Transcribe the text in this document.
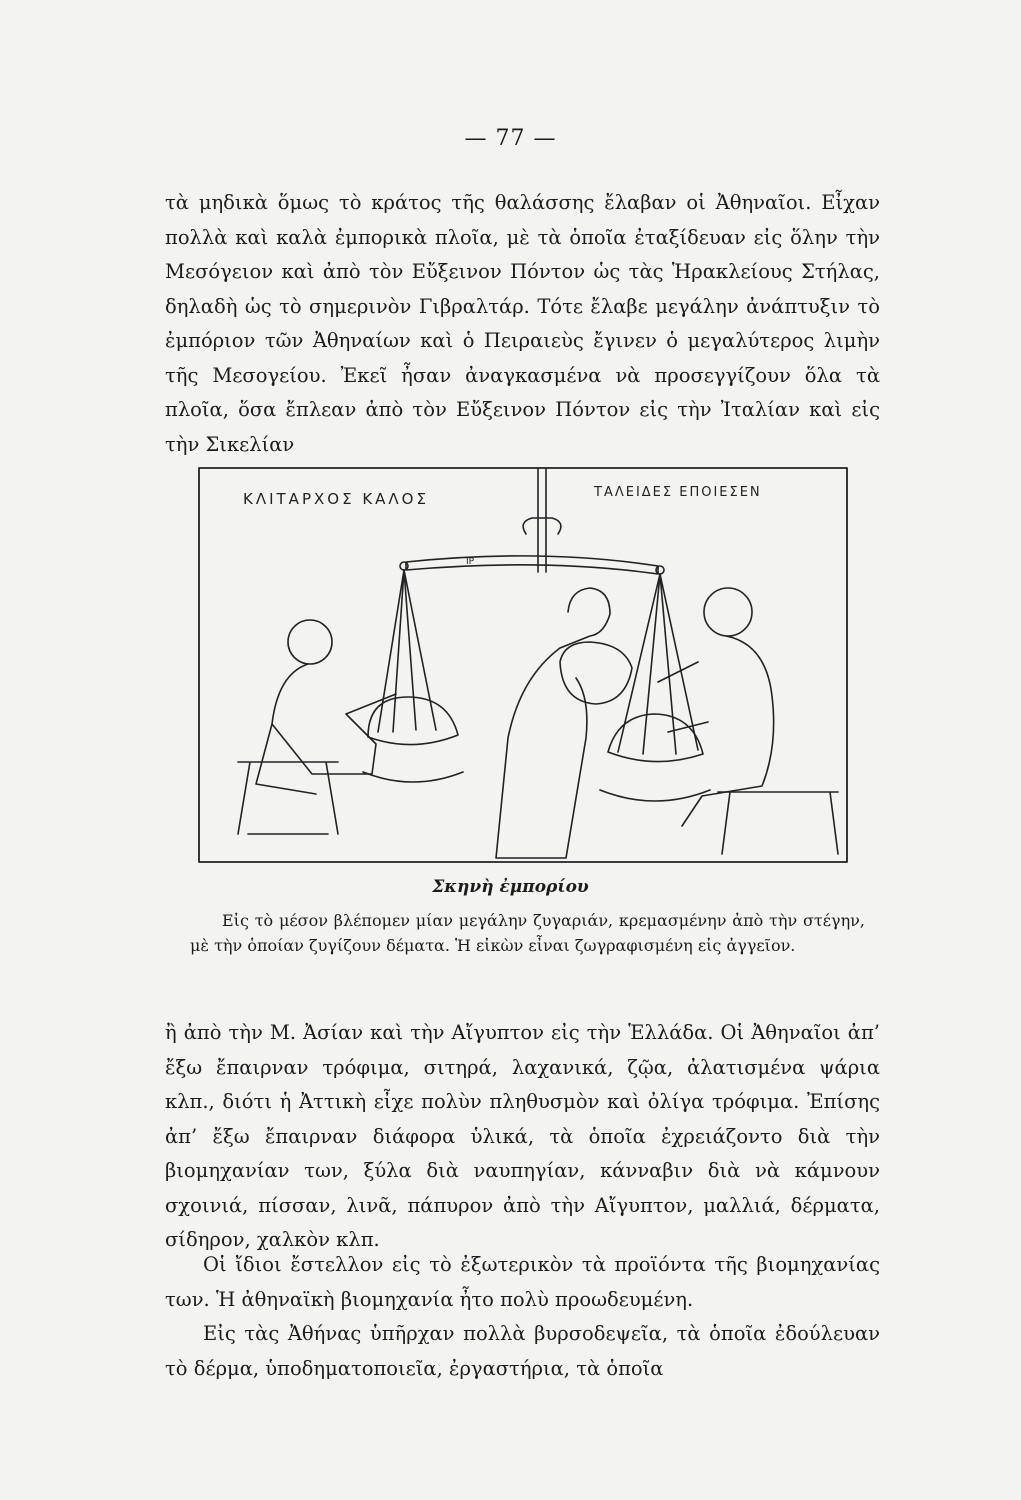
— 77 —

τὰ μηδικὰ ὅμως τὸ κράτος τῆς θαλάσσης ἔλαβαν οἱ Ἀθηναῖοι. Εἶχαν πολλὰ καὶ καλὰ ἐμπορικὰ πλοῖα, μὲ τὰ ὁποῖα ἐταξίδευαν εἰς ὅλην τὴν Μεσόγειον καὶ ἀπὸ τὸν Εὔξεινον Πόντον ὡς τὰς Ἡρακλείους Στήλας, δηλαδὴ ὡς τὸ σημερινὸν Γιβραλτάρ. Τότε ἔλαβε μεγάλην ἀνάπτυξιν τὸ ἐμπόριον τῶν Ἀθηναίων καὶ ὁ Πειραιεὺς ἔγινεν ὁ μεγαλύτερος λιμὴν τῆς Μεσογείου. Ἐκεῖ ἦσαν ἀναγκασμένα νὰ προσεγγίζουν ὅλα τὰ πλοῖα, ὅσα ἔπλεαν ἀπὸ τὸν Εὔξεινον Πόντον εἰς τὴν Ἰταλίαν καὶ εἰς τὴν Σικελίαν

ΚΛΙΤΑΡΧΟΣ ΚΑΛΟΣ	ΤΑΛΕΙΔΕΣ ΕΠΟΙΕΣΕΝ
ΙΡ
Σκηνὴ ἐμπορίου

Εἰς τὸ μέσον βλέπομεν μίαν μεγάλην ζυγαριάν, κρεμασμένην ἀπὸ τὴν στέγην, μὲ τὴν ὁποίαν ζυγίζουν δέματα. Ἡ εἰκὼν εἶναι ζωγραφισμένη εἰς ἀγγεῖον.

ἢ ἀπὸ τὴν Μ. Ἀσίαν καὶ τὴν Αἴγυπτον εἰς τὴν Ἑλλάδα. Οἱ Ἀθηναῖοι ἀπ’ ἔξω ἔπαιρναν τρόφιμα, σιτηρά, λαχανικά, ζῷα, ἀλατισμένα ψάρια κλπ., διότι ἡ Ἀττικὴ εἶχε πολὺν πληθυσμὸν καὶ ὀλίγα τρόφιμα. Ἐπίσης ἀπ’ ἔξω ἔπαιρναν διάφορα ὑλικά, τὰ ὁποῖα ἐχρειάζοντο διὰ τὴν βιομηχανίαν των, ξύλα διὰ ναυπηγίαν, κάνναβιν διὰ νὰ κάμνουν σχοινιά, πίσσαν, λινᾶ, πάπυρον ἀπὸ τὴν Αἴγυπτον, μαλλιά, δέρματα, σίδηρον, χαλκὸν κλπ.

Οἱ ἴδιοι ἔστελλον εἰς τὸ ἐξωτερικὸν τὰ προϊόντα τῆς βιομηχανίας των. Ἡ ἀθηναϊκὴ βιομηχανία ἦτο πολὺ προωδευμένη.

Εἰς τὰς Ἀθήνας ὑπῆρχαν πολλὰ βυρσοδεψεῖα, τὰ ὁποῖα ἐδούλευαν τὸ δέρμα, ὑποδηματοποιεῖα, ἐργαστήρια, τὰ ὁποῖα
